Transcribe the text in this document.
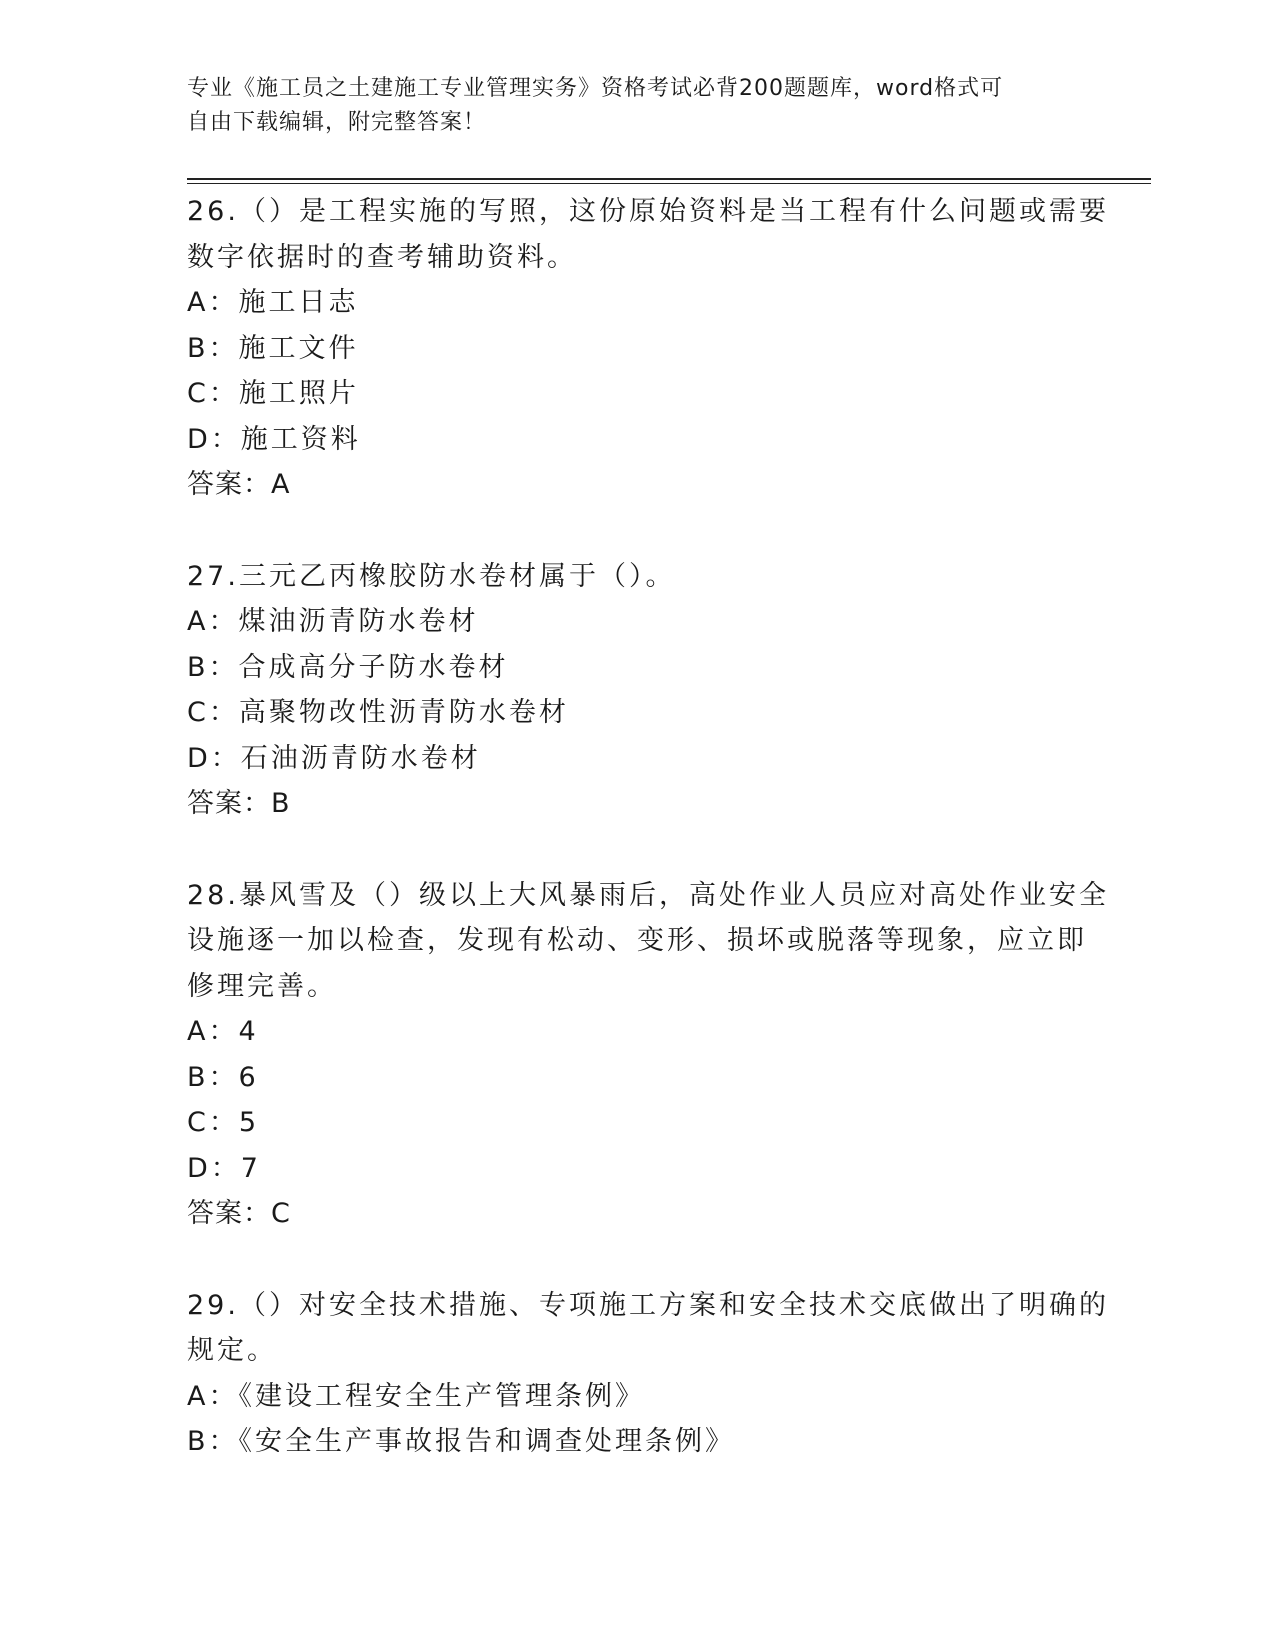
专业《施工员之土建施工专业管理实务》资格考试必背200题题库，word格式可
自由下载编辑，附完整答案！
26.（）是工程实施的写照，这份原始资料是当工程有什么问题或需要
数字依据时的查考辅助资料。
A：施工日志
B：施工文件
C：施工照片
D：施工资料
答案：A
27.三元乙丙橡胶防水卷材属于（）。
A：煤油沥青防水卷材
B：合成高分子防水卷材
C：高聚物改性沥青防水卷材
D：石油沥青防水卷材
答案：B
28.暴风雪及（）级以上大风暴雨后，高处作业人员应对高处作业安全
设施逐一加以检查，发现有松动、变形、损坏或脱落等现象，应立即
修理完善。
A：4
B：6
C：5
D：7
答案：C
29.（）对安全技术措施、专项施工方案和安全技术交底做出了明确的
规定。
A：《建设工程安全生产管理条例》
B：《安全生产事故报告和调查处理条例》
